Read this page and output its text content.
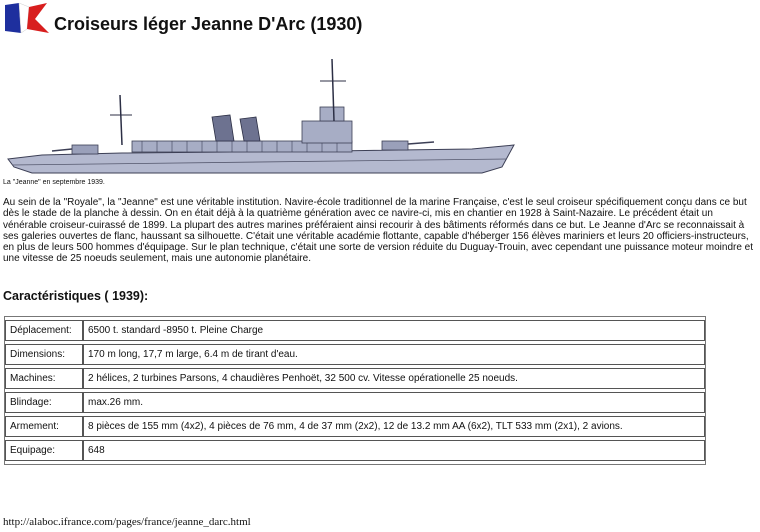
Croiseurs léger Jeanne D'Arc (1930)
La "Jeanne" en septembre 1939.

Au sein de la "Royale", la "Jeanne" est une véritable institution. Navire-école traditionnel de la marine Française, c'est le seul croiseur spécifiquement conçu dans ce but dès le stade de la planche à dessin. On en était déjà à la quatrième génération avec ce navire-ci, mis en chantier en 1928 à Saint-Nazaire. Le précédent était un vénérable croiseur-cuirassé de 1899. La plupart des autres marines préféraient ainsi recourir à des bâtiments réformés dans ce but. Le Jeanne d'Arc se reconnaissait à ses galeries ouvertes de flanc, haussant sa silhouette. C'était une véritable académie flottante, capable d'héberger 156 élèves mariniers et leurs 20 officiers-instructeurs, en plus de leurs 500 hommes d'équipage. Sur le plan technique, c'était une sorte de version réduite du Duguay-Trouin, avec cependant une puissance moteur moindre et une vitesse de 25 noeuds seulement, mais une autonomie planétaire.

Caractéristiques ( 1939):
Déplacement:	6500 t. standard -8950 t. Pleine Charge
Dimensions:	170 m long, 17,7 m large, 6.4 m de tirant d'eau.
Machines:	2 hélices, 2 turbines Parsons, 4 chaudières Penhoët, 32 500 cv. Vitesse opérationelle 25 noeuds.
Blindage:	max.26 mm.
Armement:	8 pièces de 155 mm (4x2), 4 pièces de 76 mm, 4 de 37 mm (2x2), 12 de 13.2 mm AA (6x2), TLT 533 mm (2x1), 2 avions.
Equipage:	648
http://alaboc.ifrance.com/pages/france/jeanne_darc.html
